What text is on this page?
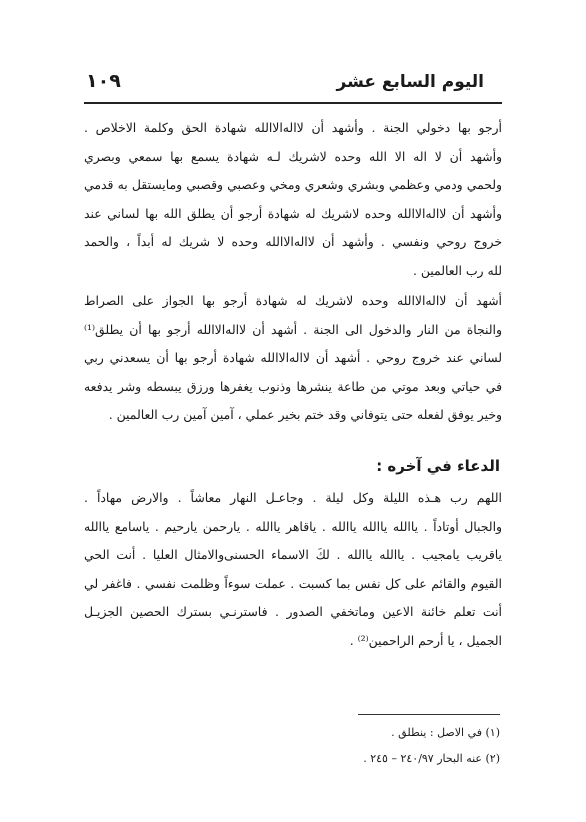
اليوم السابع عشر
١٠٩
أرجو بها دخولي الجنة . وأشهد أن لااله‌الاالله شهادة الحق وكلمة الاخلاص .
وأشهد أن لا اله الا الله وحده لاشريك لـه شهادة يسمع بها سمعي وبصري
ولحمي ودمي وعظمي وبشري وشعري ومخي وعصبي وقصبي ومايستقل به قدمي
وأشهد أن لااله‌الاالله وحده لاشريك له شهادة أرجو أن يطلق الله بها لساني عند
خروج روحي ونفسي . وأشهد أن لااله‌الاالله وحده لا شريك له أبداً ، والحمد
لله رب العالمين .
أشهد أن لااله‌الاالله وحده لاشريك له شهادة أرجو بها الجواز على الصراط
والنجاة من النار والدخول الى الجنة . أشهد أن لااله‌الاالله أرجو بها أن يطلق⁽¹⁾
لساني عند خروج روحي . أشهد أن لااله‌الاالله شهادة أرجو بها أن يسعدني ربي
في حياتي وبعد موتي من طاعة ينشرها وذنوب يغفرها ورزق يبسطه وشر يدفعه
وخير يوفق لفعله حتى يتوفاني وقد ختم بخير عملي ، آمين آمين رب العالمين .
الدعاء في آخره :
اللهم رب هـذه الليلة وكل ليلة . وجاعـل النهار معاشاً . والارض مهاداً .
والجبال أوتاداً . ياالله ياالله ياالله . ياقاهر ياالله . يارحمن يارحيم . ياسامع ياالله
ياقريب يامجيب . ياالله ياالله . لكَ الاسماء الحسنى‌والامثال العليا . أنت الحي
القيوم والقائم على كل نفس بما كسبت . عملت سوءاً وظلمت نفسي . فاغفر لي
أنت تعلم خائنة الاعين وماتخفي الصدور . فاسترنـي بسترك الحصين الجزيـل
الجميل ، يا أرحم الراحمين⁽²⁾ .
(١) في الاصل : ينطلق .
(٢) عنه البحار ٢٤٠/٩٧ – ٢٤٥ .
